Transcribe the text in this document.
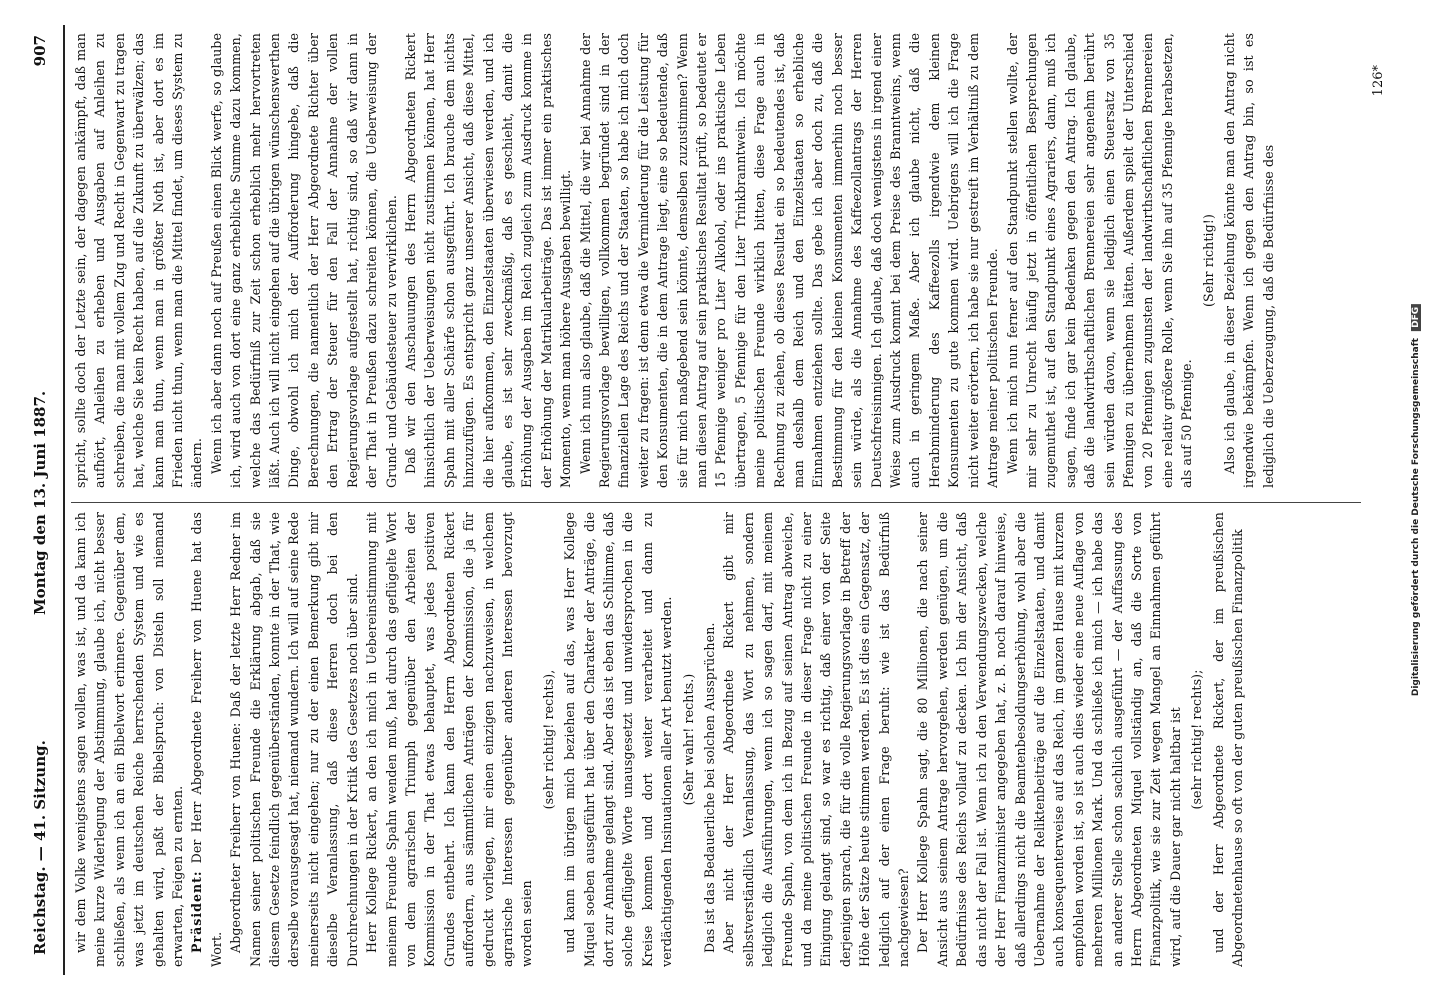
Reichstag. — 41. Sitzung.
Montag den 13. Juni 1887.
907

wir dem Volke wenigstens sagen wollen, was ist, und da kann ich meine kurze Widerlegung der Abstimmung, glaube ich, nicht besser schließen, als wenn ich an ein Bibelwort erinnere. Gegenüber dem, was jetzt im deutschen Reiche herrschenden System und wie es gehalten wird, paßt der Bibelspruch: von Disteln soll niemand erwarten, Feigen zu ernten. Präsident: Der Herr Abgeordnete Freiherr von Huene hat das Wort. Abgeordneter Freiherr von Huene: Daß der letzte Herr Redner im Namen seiner politischen Freunde die Erklärung abgab, daß sie diesem Gesetze feindlich gegenüberständen, konnte in der That, wie derselbe vorausgesagt hat, niemand wundern. Ich will auf seine Rede meinerseits nicht eingehen; nur zu der einen Bemerkung gibt mir dieselbe Veranlassung, daß diese Herren doch bei den Durchrechnungen in der Kritik des Gesetzes noch über sind. Herr Kollege Rickert, an den ich mich in Uebereinstimmung mit meinem Freunde Spahn wenden muß, hat durch das geflügelte Wort von dem agrarischen Triumph gegenüber den Arbeiten der Kommission in der That etwas behauptet, was jedes positiven Grundes entbehrt. Ich kann den Herrn Abgeordneten Rickert auffordern, aus sämmtlichen Anträgen der Kommission, die ja für gedruckt vorliegen, mir einen einzigen nachzuweisen, in welchem agrarische Interessen gegenüber anderen Interessen bevorzugt worden seien

(sehr richtig! rechts), und kann im übrigen mich beziehen auf das, was Herr Kollege Miquel soeben ausgeführt hat über den Charakter der Anträge, die dort zur Annahme gelangt sind. Aber das ist eben das Schlimme, daß solche geflügelte Worte unausgesetzt und unwidersprochen in die Kreise kommen und dort weiter verarbeitet und dann zu verdächtigenden Insinuationen aller Art benutzt werden. (Sehr wahr! rechts.) Das ist das Bedauerliche bei solchen Aussprüchen. Aber nicht der Herr Abgeordnete Rickert gibt mir selbstverständlich Veranlassung, das Wort zu nehmen, sondern lediglich die Ausführungen, wenn ich so sagen darf, mit meinem Freunde Spahn, von dem ich in Bezug auf seinen Antrag abweiche, und da meine politischen Freunde in dieser Frage nicht zu einer Einigung gelangt sind, so war es richtig, daß einer von der Seite derjenigen sprach, die für die volle Regierungsvorlage in Betreff der Höhe der Sätze heute stimmen werden. Es ist dies ein Gegensatz, der lediglich auf der einen Frage beruht: wie ist das Bedürfniß nachgewiesen? Der Herr Kollege Spahn sagt, die 80 Millionen, die nach seiner Ansicht aus seinem Antrage hervorgehen, werden genügen, um die Bedürfnisse des Reichs vollauf zu decken. Ich bin der Ansicht, daß das nicht der Fall ist. Wenn ich zu den Verwendungszwecken, welche der Herr Finanzminister angegeben hat, z. B. noch darauf hinweise, daß allerdings nicht die Beamtenbesoldungserhöhung, wohl aber die Uebernahme der Reliktenbeiträge auf die Einzelstaaten, und damit auch konsequenterweise auf das Reich, im ganzen Hause mit kurzem empfohlen worden ist, so ist auch dies wieder eine neue Auflage von mehreren Millionen Mark. Und da schließe ich mich — ich habe das an anderer Stelle schon sachlich ausgeführt — der Auffassung des Herrn Abgeordneten Miquel vollständig an, daß die Sorte von Finanzpolitik, wie sie zur Zeit wegen Mangel an Einnahmen geführt wird, auf die Dauer gar nicht haltbar ist (sehr richtig! rechts); und der Herr Abgeordnete Rickert, der im preußischen Abgeordnetenhause so oft von der guten preußischen Finanzpolitik

spricht, sollte doch der Letzte sein, der dagegen ankämpft, daß man aufhört, Anleihen zu erheben und Ausgaben auf Anleihen zu schreiben, die man mit vollem Zug und Recht in Gegenwart zu tragen hat, welche Sie kein Recht haben, auf die Zukunft zu überwälzen; das kann man thun, wenn man in größter Noth ist, aber dort es im Frieden nicht thun, wenn man die Mittel findet, um dieses System zu ändern. Wenn ich aber dann noch auf Preußen einen Blick werfe, so glaube ich, wird auch von dort eine ganz erhebliche Summe dazu kommen, welche das Bedürfniß zur Zeit schon erheblich mehr hervortreten läßt. Auch ich will nicht eingehen auf die übrigen wünschenswerthen Dinge, obwohl ich mich der Aufforderung hingebe, daß die Berechnungen, die namentlich der Herr Abgeordnete Richter über den Ertrag der Steuer für den Fall der Annahme der vollen Regierungsvorlage aufgestellt hat, richtig sind, so daß wir dann in der That in Preußen dazu schreiten können, die Ueberweisung der Grund- und Gebäudesteuer zu verwirklichen. Daß wir den Anschauungen des Herrn Abgeordneten Rickert hinsichtlich der Ueberweisungen nicht zustimmen können, hat Herr Spahn mit aller Schärfe schon ausgeführt. Ich brauche dem nichts hinzuzufügen. Es entspricht ganz unserer Ansicht, daß diese Mittel, die hier aufkommen, den Einzelstaaten überwiesen werden, und ich glaube, es ist sehr zweckmäßig, daß es geschieht, damit die Erhöhung der Ausgaben im Reich zugleich zum Ausdruck komme in der Erhöhung der Matrikularbeiträge. Das ist immer ein praktisches Momento, wenn man höhere Ausgaben bewilligt. Wenn ich nun also glaube, daß die Mittel, die wir bei Annahme der Regierungsvorlage bewilligen, vollkommen begründet sind in der finanziellen Lage des Reichs und der Staaten, so habe ich mich doch weiter zu fragen: ist denn etwa die Verminderung für die Leistung für den Konsumenten, die in dem Antrage liegt, eine so bedeutende, daß sie für mich maßgebend sein könnte, demselben zuzustimmen? Wenn man diesen Antrag auf sein praktisches Resultat prüft, so bedeutet er 15 Pfennige weniger pro Liter Alkohol, oder ins praktische Leben übertragen, 5 Pfennige für den Liter Trinkbranntwein. Ich möchte meine politischen Freunde wirklich bitten, diese Frage auch in Rechnung zu ziehen, ob dieses Resultat ein so bedeutendes ist, daß man deshalb dem Reich und den Einzelstaaten so erhebliche Einnahmen entziehen sollte. Das gebe ich aber doch zu, daß die Bestimmung für den kleinen Konsumenten immerhin noch besser sein würde, als die Annahme des Kaffeezollantrags der Herren Deutschfreisinnigen. Ich glaube, daß doch wenigstens in irgend einer Weise zum Ausdruck kommt bei dem Preise des Branntweins, wenn auch in geringem Maße. Aber ich glaube nicht, daß die Herabminderung des Kaffeezolls irgendwie dem kleinen Konsumenten zu gute kommen wird. Uebrigens will ich die Frage nicht weiter erörtern, ich habe sie nur gestreift im Verhältniß zu dem Antrage meiner politischen Freunde. Wenn ich mich nun ferner auf den Standpunkt stellen wollte, der mir sehr zu Unrecht häufig jetzt in öffentlichen Besprechungen zugemuthet ist, auf den Standpunkt eines Agrariers, dann, muß ich sagen, finde ich gar kein Bedenken gegen den Antrag. Ich glaube, daß die landwirthschaftlichen Brennereien sehr angenehm berührt sein würden davon, wenn sie lediglich einen Steuersatz von 35 Pfennigen zu übernehmen hätten. Außerdem spielt der Unterschied von 20 Pfennigen zugunsten der landwirthschaftlichen Brennereien eine relativ größere Rolle, wenn Sie ihn auf 35 Pfennige herabsetzen, als auf 50 Pfennige.

(Sehr richtig!) Also ich glaube, in dieser Beziehung könnte man den Antrag nicht irgendwie bekämpfen. Wenn ich gegen den Antrag bin, so ist es lediglich die Ueberzeugung, daß die Bedürfnisse des

126*
Digitalisierung gefördert durch die Deutsche Forschungsgemeinschaft DFG
